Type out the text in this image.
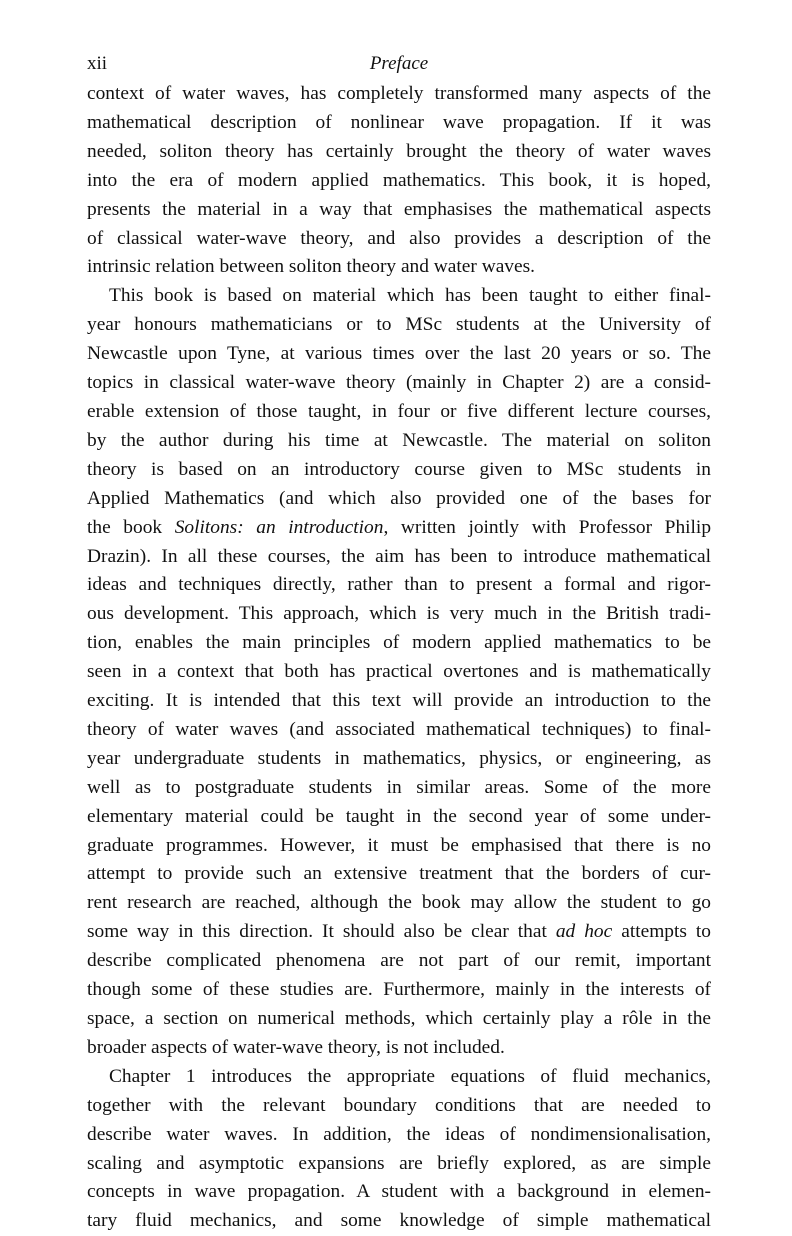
xii	Preface

context of water waves, has completely transformed many aspects of the
mathematical description of nonlinear wave propagation. If it was
needed, soliton theory has certainly brought the theory of water waves
into the era of modern applied mathematics. This book, it is hoped,
presents the material in a way that emphasises the mathematical aspects
of classical water-wave theory, and also provides a description of the
intrinsic relation between soliton theory and water waves.

This book is based on material which has been taught to either final-
year honours mathematicians or to MSc students at the University of
Newcastle upon Tyne, at various times over the last 20 years or so. The
topics in classical water-wave theory (mainly in Chapter 2) are a consid-
erable extension of those taught, in four or five different lecture courses,
by the author during his time at Newcastle. The material on soliton
theory is based on an introductory course given to MSc students in
Applied Mathematics (and which also provided one of the bases for
the book Solitons: an introduction, written jointly with Professor Philip
Drazin). In all these courses, the aim has been to introduce mathematical
ideas and techniques directly, rather than to present a formal and rigor-
ous development. This approach, which is very much in the British tradi-
tion, enables the main principles of modern applied mathematics to be
seen in a context that both has practical overtones and is mathematically
exciting. It is intended that this text will provide an introduction to the
theory of water waves (and associated mathematical techniques) to final-
year undergraduate students in mathematics, physics, or engineering, as
well as to postgraduate students in similar areas. Some of the more
elementary material could be taught in the second year of some under-
graduate programmes. However, it must be emphasised that there is no
attempt to provide such an extensive treatment that the borders of cur-
rent research are reached, although the book may allow the student to go
some way in this direction. It should also be clear that ad hoc attempts to
describe complicated phenomena are not part of our remit, important
though some of these studies are. Furthermore, mainly in the interests of
space, a section on numerical methods, which certainly play a rôle in the
broader aspects of water-wave theory, is not included.

Chapter 1 introduces the appropriate equations of fluid mechanics,
together with the relevant boundary conditions that are needed to
describe water waves. In addition, the ideas of nondimensionalisation,
scaling and asymptotic expansions are briefly explored, as are simple
concepts in wave propagation. A student with a background in elemen-
tary fluid mechanics, and some knowledge of simple mathematical
